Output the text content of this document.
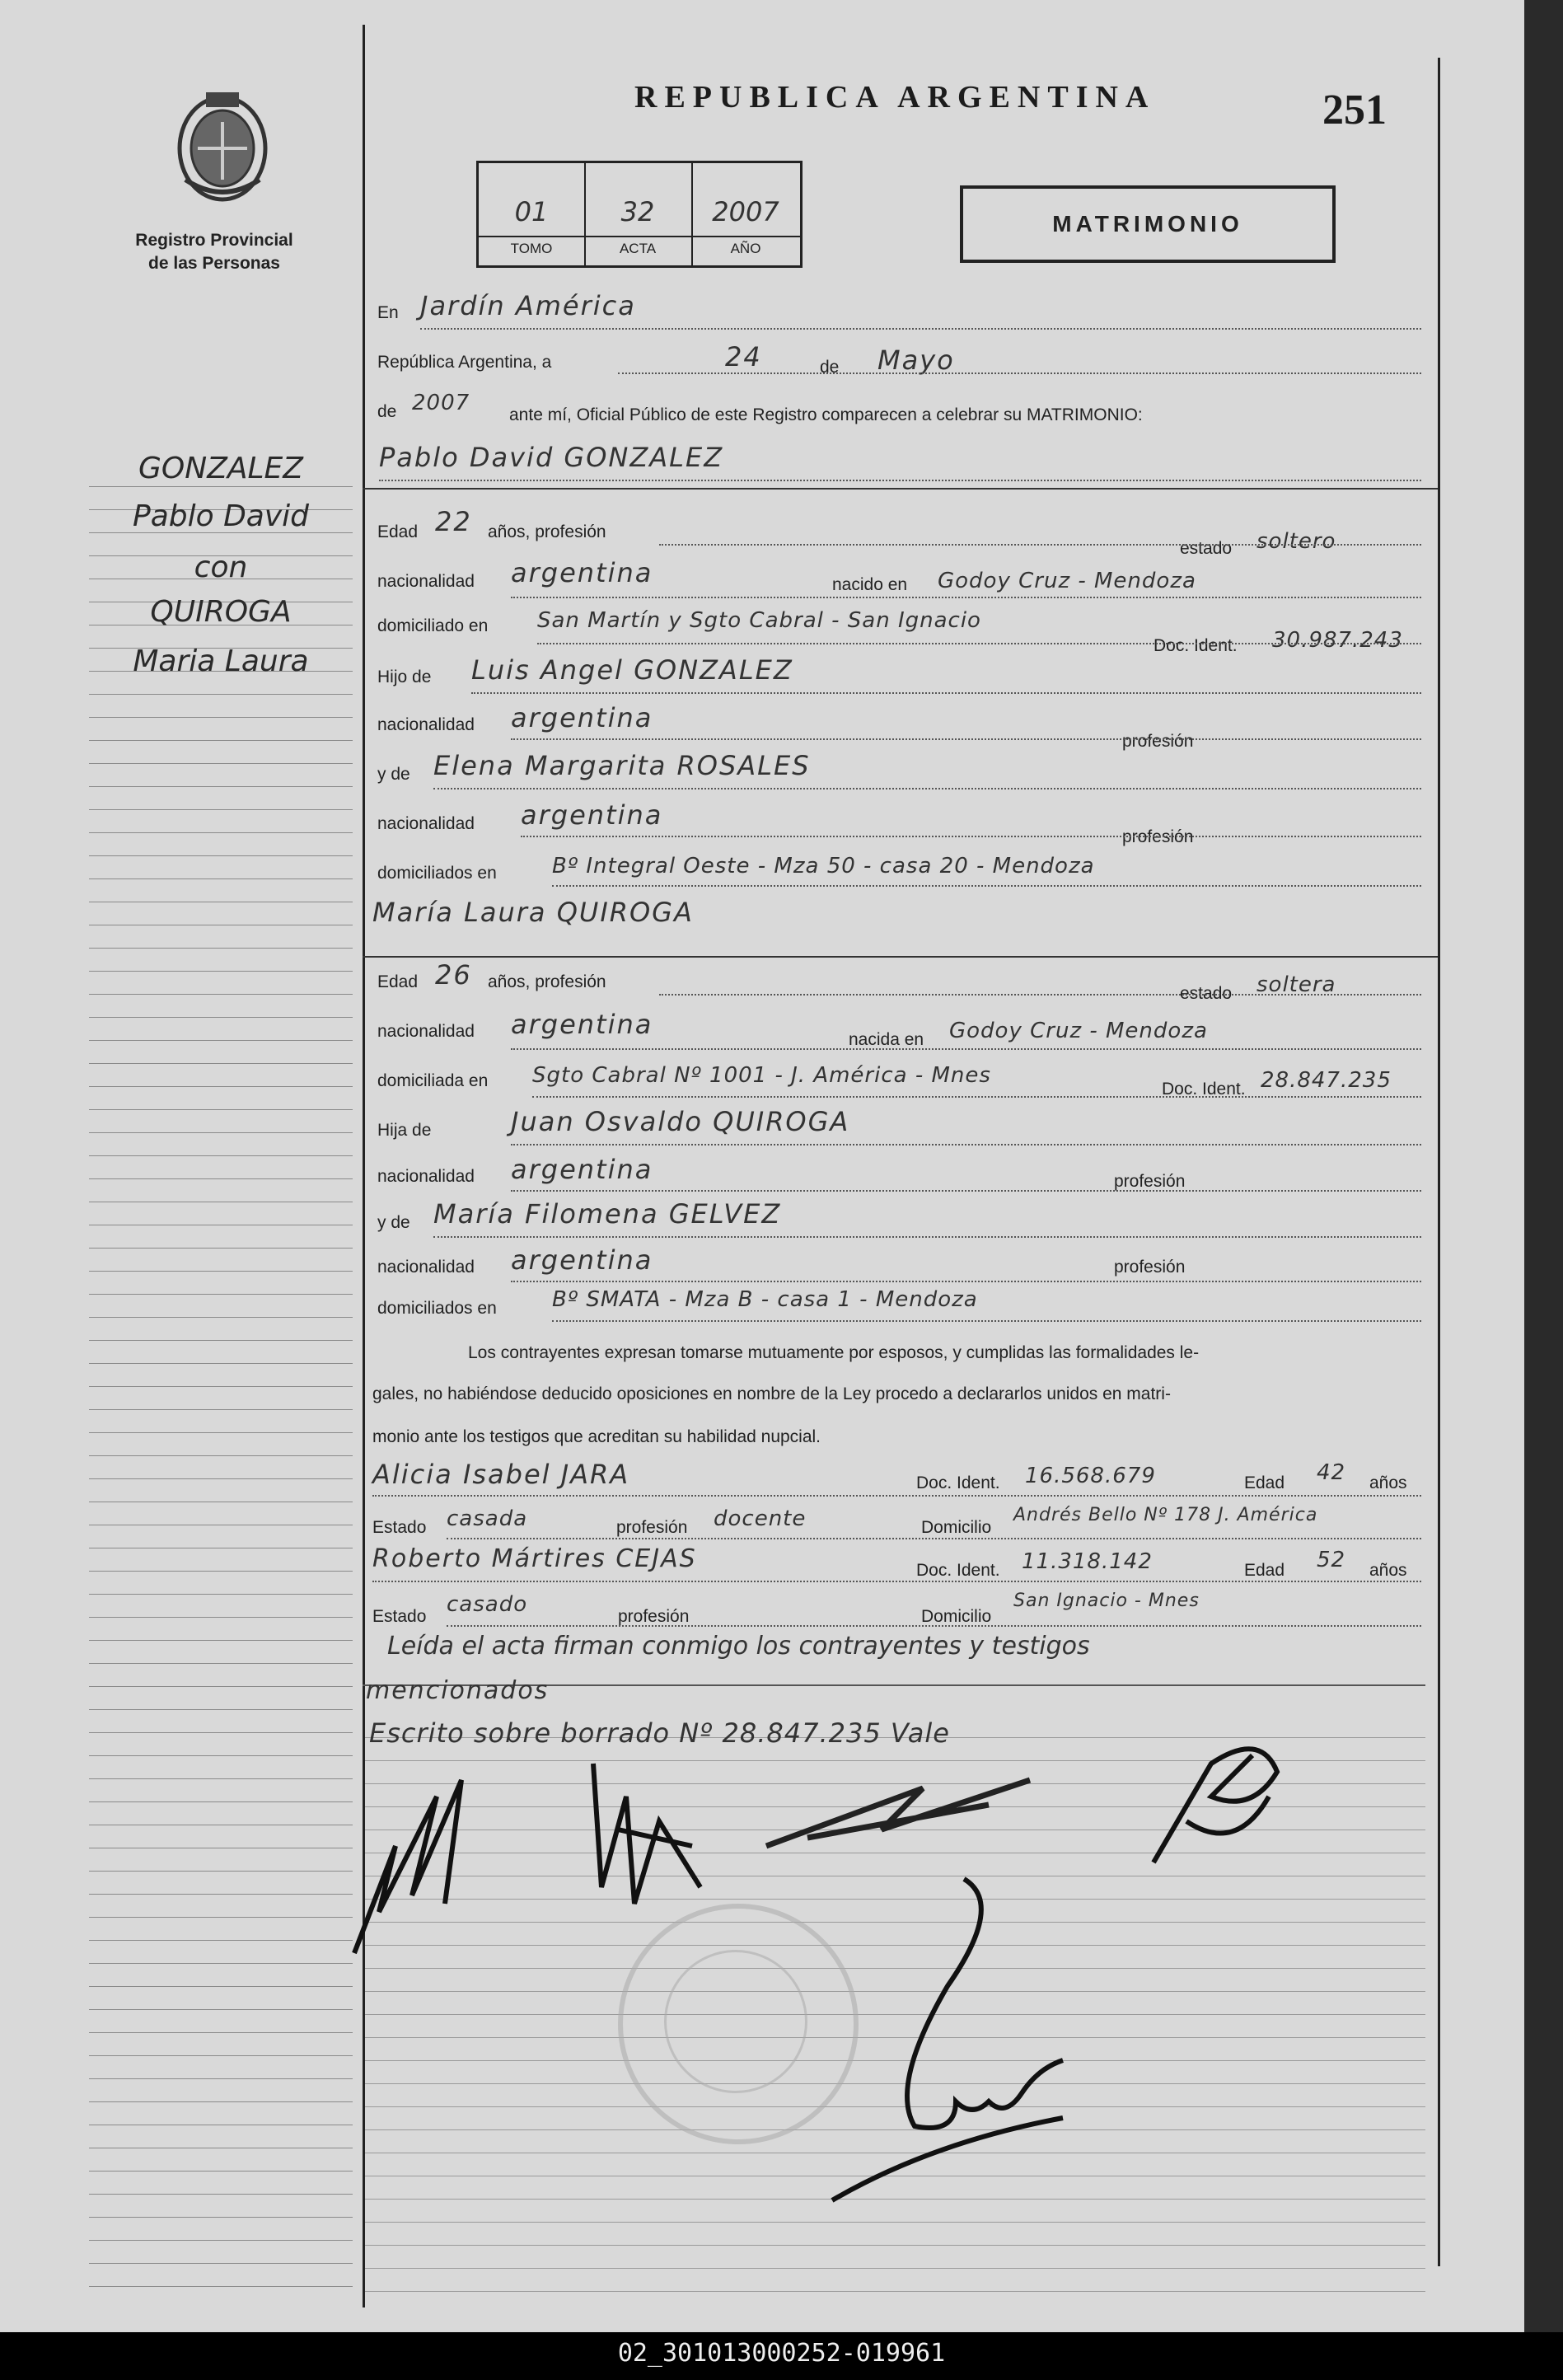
Registro Provincial de las Personas
REPUBLICA ARGENTINA	251
01
TOMO
32
ACTA
2007
AÑO
MATRIMONIO
GONZALEZ
Pablo David
con
QUIROGA
Maria Laura
En Jardín América
República Argentina, a	24	de Mayo
de 2007 ante mí, Oficial Público de este Registro comparecen a celebrar su MATRIMONIO:
Pablo David GONZALEZ
Edad 22 años, profesión
estado soltero
nacionalidad argentina	nacido en Godoy Cruz - Mendoza
domiciliado en San Martín y Sgto Cabral - San Ignacio
Doc. Ident. 30.987.243
Hijo de Luis Angel GONZALEZ
nacionalidad argentina
profesión
y de Elena Margarita ROSALES
nacionalidad argentina
profesión
domiciliados en	Bº Integral Oeste - Mza 50 - casa 20 - Mendoza
María Laura QUIROGA
Edad 26 años, profesión
estado soltera
nacionalidad argentina	nacida en Godoy Cruz - Mendoza
domiciliada en Sgto Cabral Nº 1001 - J. América - Mnes
Doc. Ident. 28.847.235
Hija de	Juan Osvaldo QUIROGA
nacionalidad argentina	profesión
y de María Filomena GELVEZ
nacionalidad argentina	profesión
domiciliados en	Bº SMATA - Mza B - casa 1 - Mendoza
Los contrayentes expresan tomarse mutuamente por esposos, y cumplidas las formalidades le-
gales, no habiéndose deducido oposiciones en nombre de la Ley procedo a declararlos unidos en matri-
monio ante los testigos que acreditan su habilidad nupcial.
Alicia Isabel JARA	Doc. Ident. 16.568.679	Edad 42 años
Estado casada	profesión docente	Domicilio
Andrés Bello Nº 178 J. América
Roberto Mártires CEJAS	Doc. Ident. 11.318.142	Edad 52 años
Estado casado	profesión	Domicilio
San Ignacio - Mnes
Leída el acta firman conmigo los contrayentes y testigos
mencionados
Escrito sobre borrado Nº 28.847.235 Vale
02_301013000252-019961
